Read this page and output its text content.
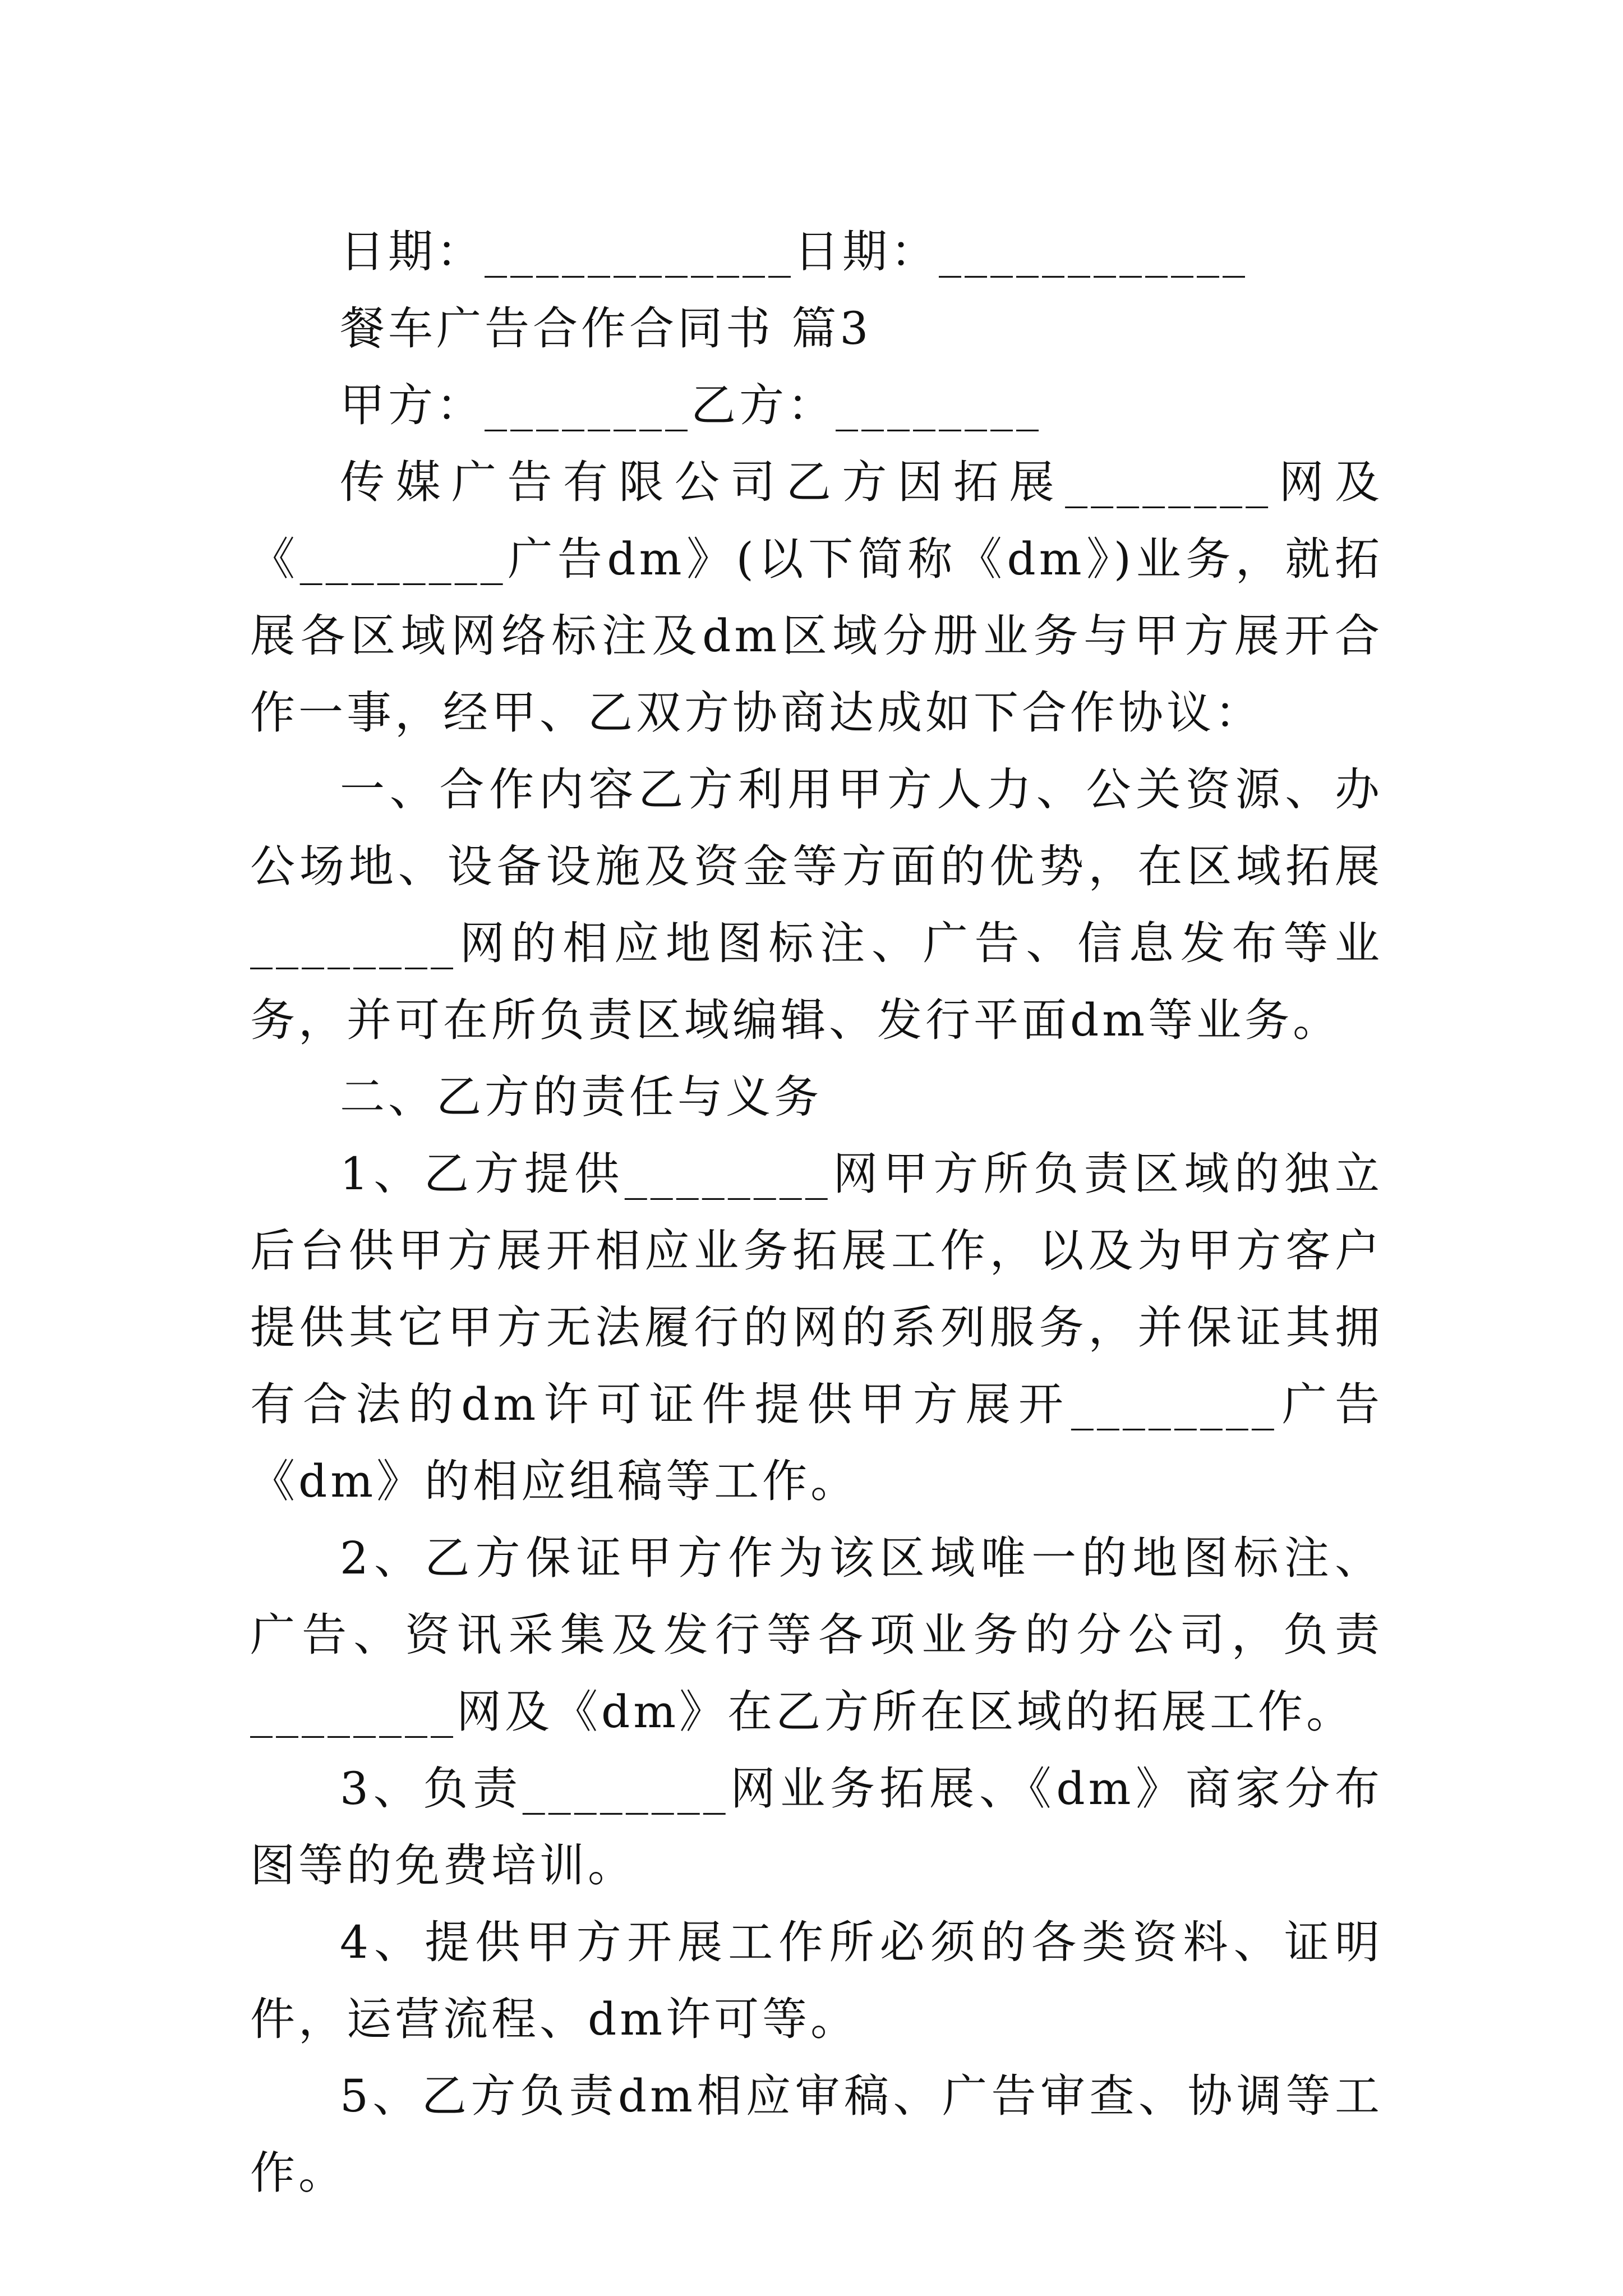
日期：____________日期：____________

餐车广告合作合同书 篇3

甲方：________乙方：________

传媒广告有限公司乙方因拓展________网及《________广告dm》(以下简称《dm》)业务，就拓展各区域网络标注及dm区域分册业务与甲方展开合作一事，经甲、乙双方协商达成如下合作协议：

一、合作内容乙方利用甲方人力、公关资源、办公场地、设备设施及资金等方面的优势，在区域拓展________网的相应地图标注、广告、信息发布等业务，并可在所负责区域编辑、发行平面dm等业务。

二、乙方的责任与义务

1、乙方提供________网甲方所负责区域的独立后台供甲方展开相应业务拓展工作，以及为甲方客户提供其它甲方无法履行的网的系列服务，并保证其拥有合法的dm许可证件提供甲方展开________广告《dm》的相应组稿等工作。

2、乙方保证甲方作为该区域唯一的地图标注、广告、资讯采集及发行等各项业务的分公司，负责________网及《dm》在乙方所在区域的拓展工作。

3、负责________网业务拓展、《dm》商家分布图等的免费培训。

4、提供甲方开展工作所必须的各类资料、证明件，运营流程、dm许可等。

5、乙方负责dm相应审稿、广告审查、协调等工作。
